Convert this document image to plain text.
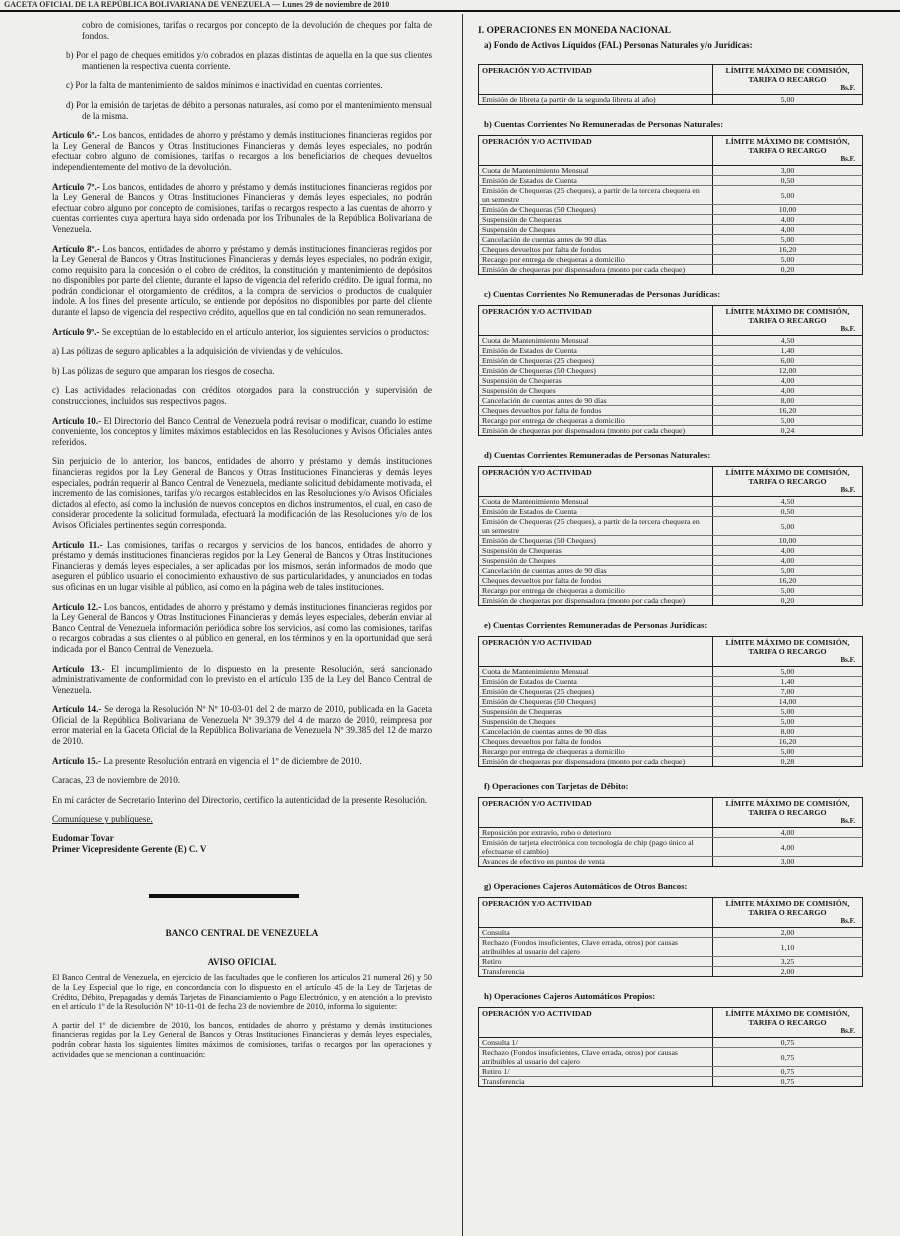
GACETA OFICIAL DE LA REPÚBLICA BOLIVARIANA DE VENEZUELA — Lunes 29 de noviembre de 2010

cobro de comisiones, tarifas o recargos por concepto de la devolución de cheques por falta de fondos.

b) Por el pago de cheques emitidos y/o cobrados en plazas distintas de aquella en la que sus clientes mantienen la respectiva cuenta corriente.

c) Por la falta de mantenimiento de saldos mínimos e inactividad en cuentas corrientes.

d) Por la emisión de tarjetas de débito a personas naturales, así como por el mantenimiento mensual de la misma.

Artículo 6º.- Los bancos, entidades de ahorro y préstamo y demás instituciones financieras regidos por la Ley General de Bancos y Otras Instituciones Financieras y demás leyes especiales, no podrán efectuar cobro alguno de comisiones, tarifas o recargos a los beneficiarios de cheques devueltos independientemente del motivo de la devolución.

Artículo 7º.- Los bancos, entidades de ahorro y préstamo y demás instituciones financieras regidos por la Ley General de Bancos y Otras Instituciones Financieras y demás leyes especiales, no podrán efectuar cobro alguno por concepto de comisiones, tarifas o recargos respecto a las cuentas de ahorro y cuentas corrientes cuya apertura haya sido ordenada por los Tribunales de la República Bolivariana de Venezuela.

Artículo 8º.- Los bancos, entidades de ahorro y préstamo y demás instituciones financieras regidos por la Ley General de Bancos y Otras Instituciones Financieras y demás leyes especiales, no podrán exigir, como requisito para la concesión o el cobro de créditos, la constitución y mantenimiento de depósitos no disponibles por parte del cliente, durante el lapso de vigencia del referido crédito. De igual forma, no podrán condicionar el otorgamiento de créditos, a la compra de servicios o productos de cualquier índole. A los fines del presente artículo, se entiende por depósitos no disponibles por parte del cliente durante el lapso de vigencia del respectivo crédito, aquellos que en tal condición no sean remunerados.

Artículo 9º.- Se exceptúan de lo establecido en el artículo anterior, los siguientes servicios o productos:

a) Las pólizas de seguro aplicables a la adquisición de viviendas y de vehículos.

b) Las pólizas de seguro que amparan los riesgos de cosecha.

c) Las actividades relacionadas con créditos otorgados para la construcción y supervisión de construcciones, incluidos sus respectivos pagos.

Artículo 10.- El Directorio del Banco Central de Venezuela podrá revisar o modificar, cuando lo estime conveniente, los conceptos y límites máximos establecidos en las Resoluciones y Avisos Oficiales antes referidos.

Sin perjuicio de lo anterior, los bancos, entidades de ahorro y préstamo y demás instituciones financieras regidos por la Ley General de Bancos y Otras Instituciones Financieras y demás leyes especiales, podrán requerir al Banco Central de Venezuela, mediante solicitud debidamente motivada, el incremento de las comisiones, tarifas y/o recargos establecidos en las Resoluciones y/o Avisos Oficiales dictados al efecto, así como la inclusión de nuevos conceptos en dichos instrumentos, el cual, en caso de considerar procedente la solicitud formulada, efectuará la modificación de las Resoluciones y/o de los Avisos Oficiales pertinentes según corresponda.

Artículo 11.- Las comisiones, tarifas o recargos y servicios de los bancos, entidades de ahorro y préstamo y demás instituciones financieras regidos por la Ley General de Bancos y Otras Instituciones Financieras y demás leyes especiales, a ser aplicadas por los mismos, serán informados de modo que aseguren el público usuario el conocimiento exhaustivo de sus particularidades, y anunciados en todas sus oficinas en un lugar visible al público, así como en la página web de tales instituciones.

Artículo 12.- Los bancos, entidades de ahorro y préstamo y demás instituciones financieras regidos por la Ley General de Bancos y Otras Instituciones Financieras y demás leyes especiales, deberán enviar al Banco Central de Venezuela información periódica sobre los servicios, así como las comisiones, tarifas o recargos cobradas a sus clientes o al público en general, en los términos y en la oportunidad que será indicada por el Banco Central de Venezuela.

Artículo 13.- El incumplimiento de lo dispuesto en la presente Resolución, será sancionado administrativamente de conformidad con lo previsto en el artículo 135 de la Ley del Banco Central de Venezuela.

Artículo 14.- Se deroga la Resolución Nº Nº 10-03-01 del 2 de marzo de 2010, publicada en la Gaceta Oficial de la República Bolivariana de Venezuela Nº 39.379 del 4 de marzo de 2010, reimpresa por error material en la Gaceta Oficial de la República Bolivariana de Venezuela Nº 39.385 del 12 de marzo de 2010.

Artículo 15.- La presente Resolución entrará en vigencia el 1º de diciembre de 2010.

Caracas, 23 de noviembre de 2010.

En mi carácter de Secretario Interino del Directorio, certifico la autenticidad de la presente Resolución.

Comuníquese y publíquese.

Eudomar Tovar

Primer Vicepresidente Gerente (E) C. V

BANCO CENTRAL DE VENEZUELA

AVISO OFICIAL

El Banco Central de Venezuela, en ejercicio de las facultades que le confieren los artículos 21 numeral 26) y 50 de la Ley Especial que lo rige, en concordancia con lo dispuesto en el artículo 45 de la Ley de Tarjetas de Crédito, Débito, Prepagadas y demás Tarjetas de Financiamiento o Pago Electrónico, y en atención a lo previsto en el artículo 1º de la Resolución Nº 10-11-01 de fecha 23 de noviembre de 2010, informa lo siguiente:

A partir del 1º de diciembre de 2010, los bancos, entidades de ahorro y préstamo y demás instituciones financieras regidas por la Ley General de Bancos y Otras Instituciones Financieras y demás leyes especiales, podrán cobrar hasta los siguientes límites máximos de comisiones, tarifas o recargos por las operaciones y actividades que se mencionan a continuación:

I. OPERACIONES EN MONEDA NACIONAL

a) Fondo de Activos Líquidos (FAL) Personas Naturales y/o Jurídicas:

OPERACIÓN Y/O ACTIVIDAD	LÍMITE MÁXIMO DE COMISIÓN, TARIFA O RECARGO
Bs.F.

Emisión de libreta (a partir de la segunda libreta al año)	5,00

b) Cuentas Corrientes No Remuneradas de Personas Naturales:

OPERACIÓN Y/O ACTIVIDAD	LÍMITE MÁXIMO DE COMISIÓN, TARIFA O RECARGO
Bs.F.

Cuota de Mantenimiento Mensual	3,00
Emisión de Estados de Cuenta	0,50
Emisión de Chequeras (25 cheques), a partir de la tercera chequera en un semestre	5,00
Emisión de Chequeras (50 Cheques)	10,00
Suspensión de Chequeras	4,00
Suspensión de Cheques	4,00
Cancelación de cuentas antes de 90 días	5,00
Cheques devueltos por falta de fondos	16,20
Recargo por entrega de chequeras a domicilio	5,00
Emisión de chequeras por dispensadora (monto por cada cheque)	0,20

c) Cuentas Corrientes No Remuneradas de Personas Jurídicas:

OPERACIÓN Y/O ACTIVIDAD	LÍMITE MÁXIMO DE COMISIÓN, TARIFA O RECARGO
Bs.F.

Cuota de Mantenimiento Mensual	4,50
Emisión de Estados de Cuenta	1,40
Emisión de Chequeras (25 cheques)	6,00
Emisión de Chequeras (50 Cheques)	12,00
Suspensión de Chequeras	4,00
Suspensión de Cheques	4,00
Cancelación de cuentas antes de 90 días	8,00
Cheques devueltos por falta de fondos	16,20
Recargo por entrega de chequeras a domicilio	5,00
Emisión de chequeras por dispensadora (monto por cada cheque)	0,24

d) Cuentas Corrientes Remuneradas de Personas Naturales:

OPERACIÓN Y/O ACTIVIDAD	LÍMITE MÁXIMO DE COMISIÓN, TARIFA O RECARGO
Bs.F.

Cuota de Mantenimiento Mensual	4,50
Emisión de Estados de Cuenta	0,50
Emisión de Chequeras (25 cheques), a partir de la tercera chequera en un semestre	5,00
Emisión de Chequeras (50 Cheques)	10,00
Suspensión de Chequeras	4,00
Suspensión de Cheques	4,00
Cancelación de cuentas antes de 90 días	5,00
Cheques devueltos por falta de fondos	16,20
Recargo por entrega de chequeras a domicilio	5,00
Emisión de chequeras por dispensadora (monto por cada cheque)	0,20

e) Cuentas Corrientes Remuneradas de Personas Jurídicas:

OPERACIÓN Y/O ACTIVIDAD	LÍMITE MÁXIMO DE COMISIÓN, TARIFA O RECARGO
Bs.F.

Cuota de Mantenimiento Mensual	5,00
Emisión de Estados de Cuenta	1,40
Emisión de Chequeras (25 cheques)	7,00
Emisión de Chequeras (50 Cheques)	14,00
Suspensión de Chequeras	5,00
Suspensión de Cheques	5,00
Cancelación de cuentas antes de 90 días	8,00
Cheques devueltos por falta de fondos	16,20
Recargo por entrega de chequeras a domicilio	5,00
Emisión de chequeras por dispensadora (monto por cada cheque)	0,28

f) Operaciones con Tarjetas de Débito:

OPERACIÓN Y/O ACTIVIDAD	LÍMITE MÁXIMO DE COMISIÓN, TARIFA O RECARGO
Bs.F.

Reposición por extravío, robo o deterioro	4,00
Emisión de tarjeta electrónica con tecnología de chip (pago único al efectuarse el cambio)	4,00
Avances de efectivo en puntos de venta	3,00

g) Operaciones Cajeros Automáticos de Otros Bancos:

OPERACIÓN Y/O ACTIVIDAD	LÍMITE MÁXIMO DE COMISIÓN, TARIFA O RECARGO
Bs.F.

Consulta	2,00
Rechazo (Fondos insuficientes, Clave errada, otros) por causas atribuibles al usuario del cajero	1,10
Retiro	3,25
Transferencia	2,00

h) Operaciones Cajeros Automáticos Propios:

OPERACIÓN Y/O ACTIVIDAD	LÍMITE MÁXIMO DE COMISIÓN, TARIFA O RECARGO
Bs.F.

Consulta 1/	0,75
Rechazo (Fondos insuficientes, Clave errada, otros) por causas atribuibles al usuario del cajero	0,75
Retiro 1/	0,75
Transferencia	0,75
